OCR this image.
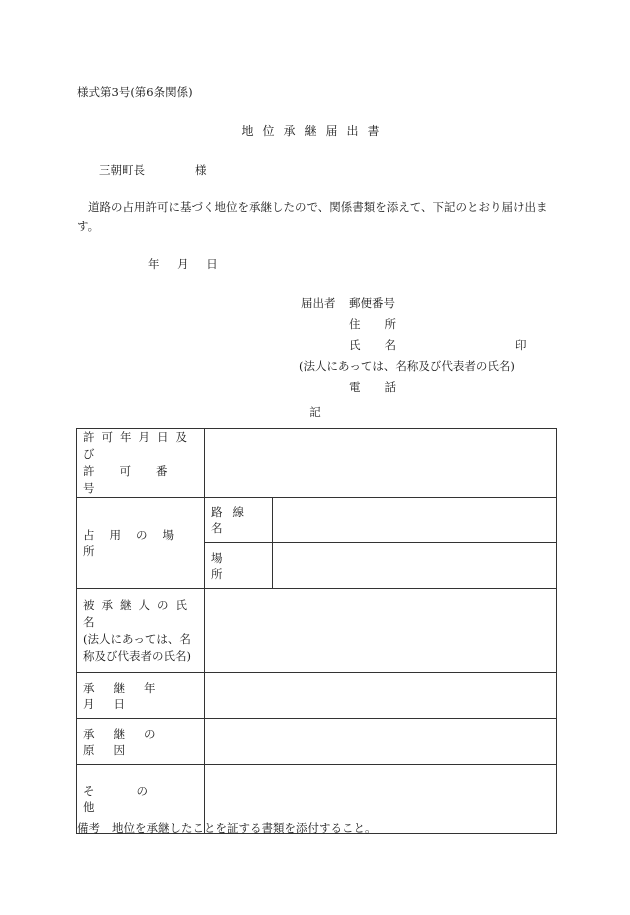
様式第3号(第6条関係)
地位承継届出書
三朝町長	様
道路の占用許可に基づく地位を承継したので、関係書類を添えて、下記のとおり届け出ます。
年 月 日
届出者 郵便番号
住所
氏名	印
(法人にあっては、名称及び代表者の氏名)
電話
記
許可年月日及び
許可番号		

占用の場所	路線名	

	場所	

被承継人の氏名
(法人にあっては、名
称及び代表者の氏名)		

承継年月日		

承継の原因		

その他		

備考 地位を承継したことを証する書類を添付すること。
